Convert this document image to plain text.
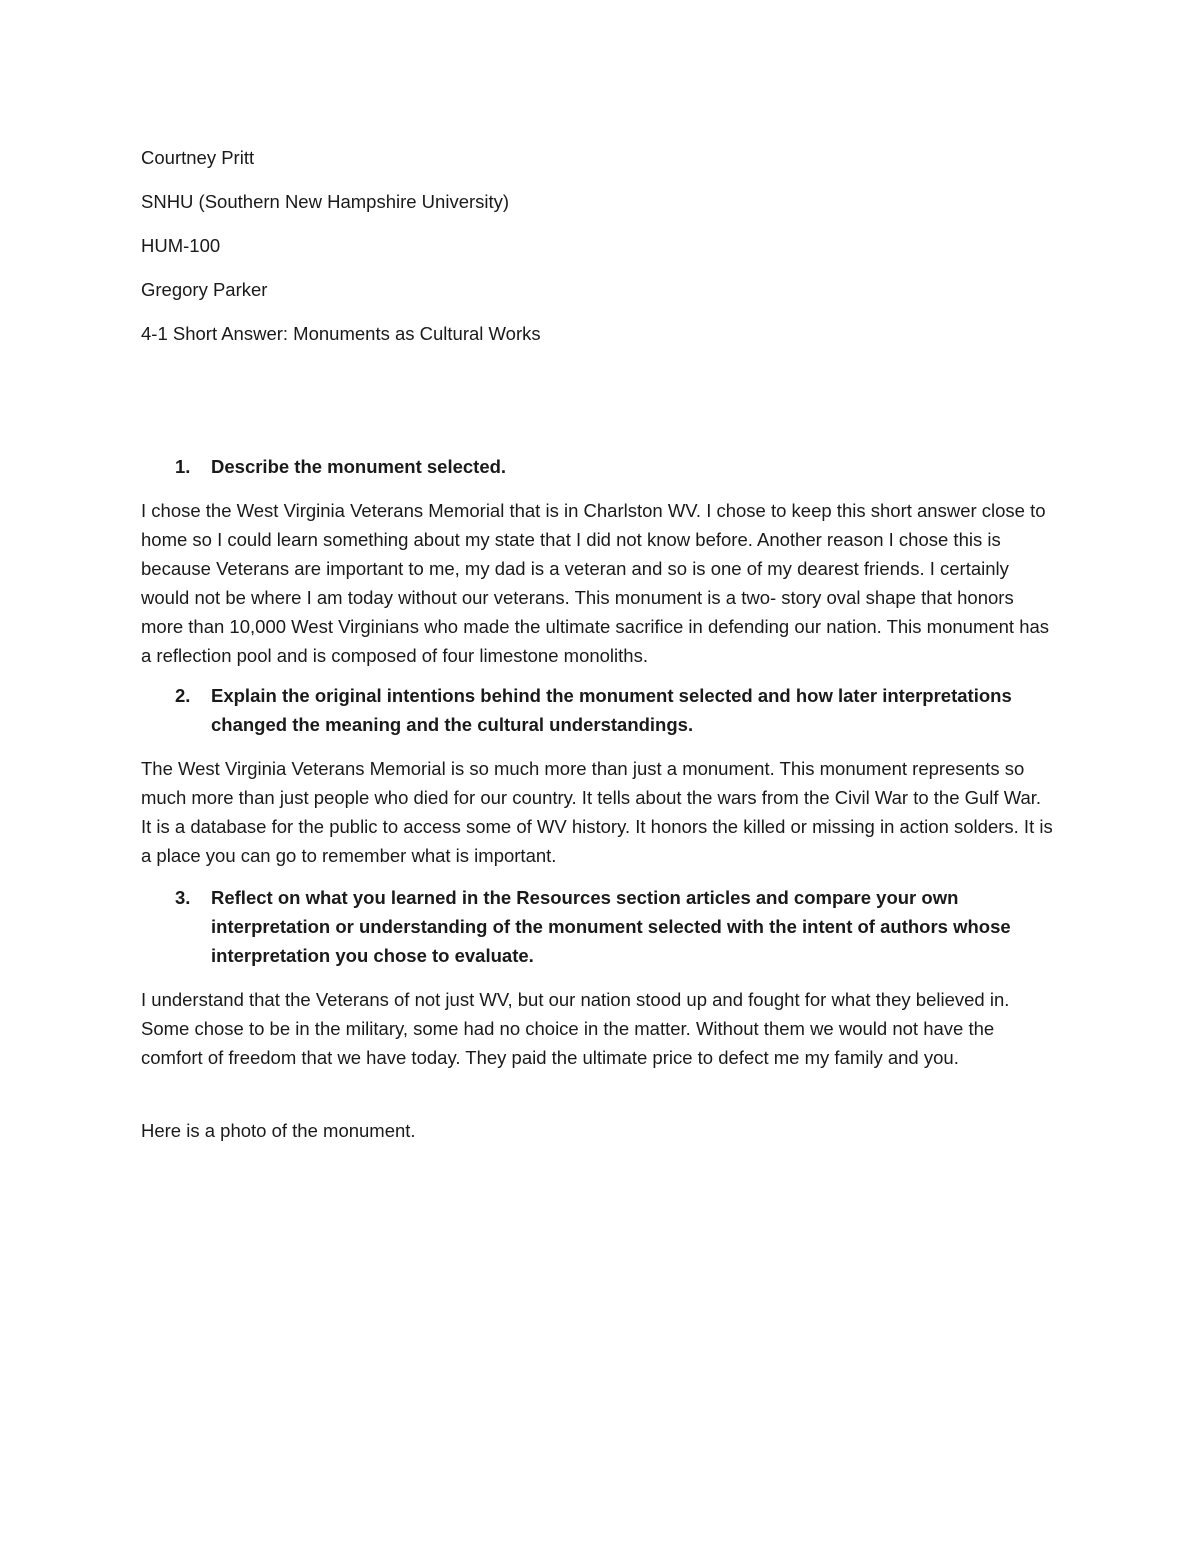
Courtney Pritt
SNHU (Southern New Hampshire University)
HUM-100
Gregory Parker
4-1 Short Answer: Monuments as Cultural Works
1. Describe the monument selected.
I chose the West Virginia Veterans Memorial that is in Charlston WV. I chose to keep this short answer close to home so I could learn something about my state that I did not know before. Another reason I chose this is because Veterans are important to me, my dad is a veteran and so is one of my dearest friends. I certainly would not be where I am today without our veterans. This monument is a two- story oval shape that honors more than 10,000 West Virginians who made the ultimate sacrifice in defending our nation. This monument has a reflection pool and is composed of four limestone monoliths.
2. Explain the original intentions behind the monument selected and how later interpretations changed the meaning and the cultural understandings.
The West Virginia Veterans Memorial is so much more than just a monument. This monument represents so much more than just people who died for our country. It tells about the wars from the Civil War to the Gulf War. It is a database for the public to access some of WV history. It honors the killed or missing in action solders. It is a place you can go to remember what is important.
3. Reflect on what you learned in the Resources section articles and compare your own interpretation or understanding of the monument selected with the intent of authors whose interpretation you chose to evaluate.
I understand that the Veterans of not just WV, but our nation stood up and fought for what they believed in. Some chose to be in the military, some had no choice in the matter. Without them we would not have the comfort of freedom that we have today. They paid the ultimate price to defect me my family and you.
Here is a photo of the monument.
